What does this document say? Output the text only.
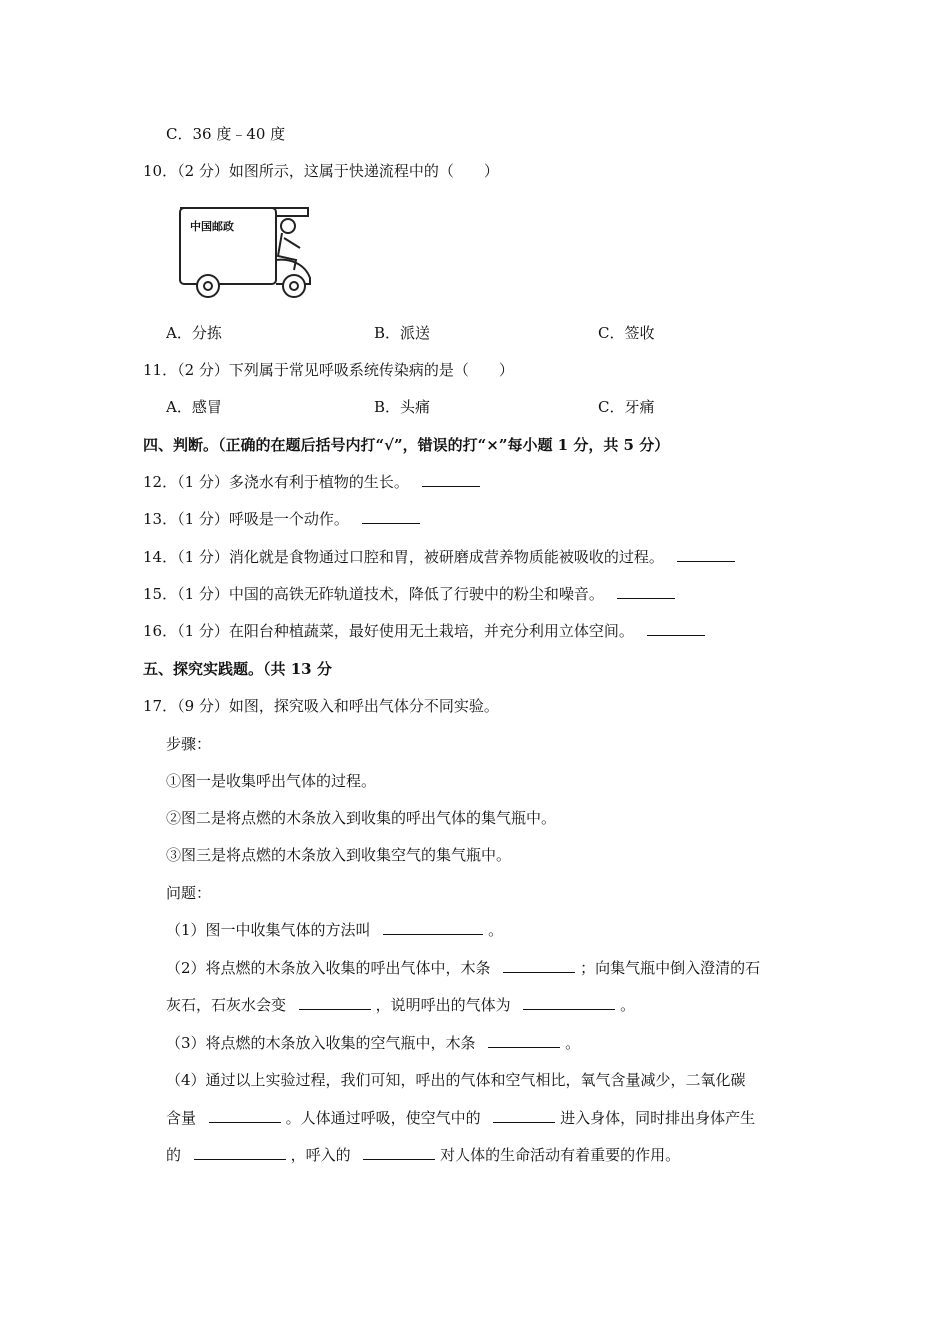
C．36 度﹣40 度
10．（2 分）如图所示，这属于快递流程中的（　　）
中国邮政
A．分拣	B．派送	C．签收
11．（2 分）下列属于常见呼吸系统传染病的是（　　）
A．感冒	B．头痛	C．牙痛
四、判断。（正确的在题后括号内打“√”，错误的打“×”每小题 1 分，共 5 分）
12．（1 分）多浇水有利于植物的生长。
13．（1 分）呼吸是一个动作。
14．（1 分）消化就是食物通过口腔和胃，被研磨成营养物质能被吸收的过程。
15．（1 分）中国的高铁无砟轨道技术，降低了行驶中的粉尘和噪音。
16．（1 分）在阳台种植蔬菜，最好使用无土栽培，并充分利用立体空间。
五、探究实践题。（共 13 分
17．（9 分）如图，探究吸入和呼出气体分不同实验。
步骤：
①图一是收集呼出气体的过程。
②图二是将点燃的木条放入到收集的呼出气体的集气瓶中。
③图三是将点燃的木条放入到收集空气的集气瓶中。
问题：
（1）图一中收集气体的方法叫	。
（2）将点燃的木条放入收集的呼出气体中，木条	；向集气瓶中倒入澄清的石
灰石，石灰水会变	，说明呼出的气体为	。
（3）将点燃的木条放入收集的空气瓶中，木条	。
（4）通过以上实验过程，我们可知，呼出的气体和空气相比，氧气含量减少，二氧化碳
含量	。人体通过呼吸，使空气中的	进入身体，同时排出身体产生
的	，呼入的	对人体的生命活动有着重要的作用。
